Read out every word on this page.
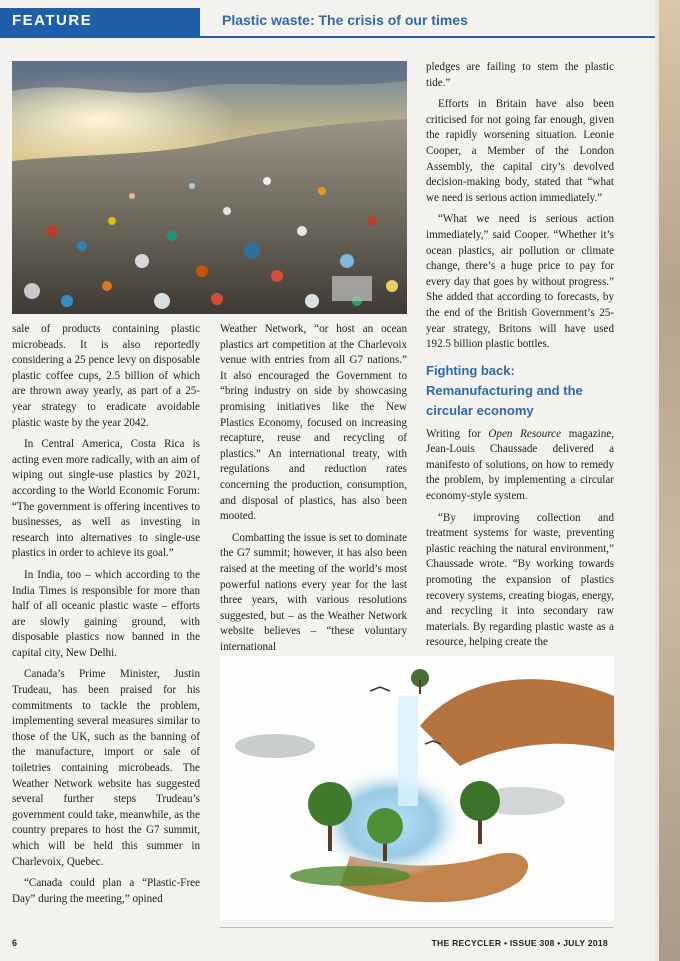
FEATURE	Plastic waste: The crisis of our times

sale of products containing plastic microbeads. It is also reportedly considering a 25 pence levy on disposable plastic coffee cups, 2.5 billion of which are thrown away yearly, as part of a 25-year strategy to eradicate avoidable plastic waste by the year 2042.

In Central America, Costa Rica is acting even more radically, with an aim of wiping out single-use plastics by 2021, according to the World Economic Forum: “The government is offering incentives to businesses, as well as investing in research into alternatives to single-use plastics in order to achieve its goal.”

In India, too – which according to the India Times is responsible for more than half of all oceanic plastic waste – efforts are slowly gaining ground, with disposable plastics now banned in the capital city, New Delhi.

Canada’s Prime Minister, Justin Trudeau, has been praised for his commitments to tackle the problem, implementing several measures similar to those of the UK, such as the banning of the manufacture, import or sale of toiletries containing microbeads. The Weather Network website has suggested several further steps Trudeau’s government could take, meanwhile, as the country prepares to host the G7 summit, which will be held this summer in Charlevoix, Quebec.

“Canada could plan a “Plastic-Free Day” during the meeting,” opined

Weather Network, “or host an ocean plastics art competition at the Charlevoix venue with entries from all G7 nations.” It also encouraged the Government to “bring industry on side by showcasing promising initiatives like the New Plastics Economy, focused on increasing recapture, reuse and recycling of plastics.” An international treaty, with regulations and reduction rates concerning the production, consumption, and disposal of plastics, has also been mooted.

Combatting the issue is set to dominate the G7 summit; however, it has also been raised at the meeting of the world’s most powerful nations every year for the last three years, with various resolutions suggested, but – as the Weather Network website believes – “these voluntary international

pledges are failing to stem the plastic tide.”

Efforts in Britain have also been criticised for not going far enough, given the rapidly worsening situation. Leonie Cooper, a Member of the London Assembly, the capital city’s devolved decision-making body, stated that “what we need is serious action immediately.”

“What we need is serious action immediately,” said Cooper. “Whether it’s ocean plastics, air pollution or climate change, there’s a huge price to pay for every day that goes by without progress.” She added that according to forecasts, by the end of the British Government’s 25-year strategy, Britons will have used 192.5 billion plastic bottles.

Fighting back: Remanufacturing and the circular economy

Writing for Open Resource magazine, Jean-Louis Chaussade delivered a manifesto of solutions, on how to remedy the problem, by implementing a circular economy-style system.

“By improving collection and treatment systems for waste, preventing plastic reaching the natural environment,” Chaussade wrote. “By working towards promoting the expansion of plastics recovery systems, creating biogas, energy, and recycling it into secondary raw materials. By regarding plastic waste as a resource, helping create the

6	THE RECYCLER • ISSUE 308 • JULY 2018
